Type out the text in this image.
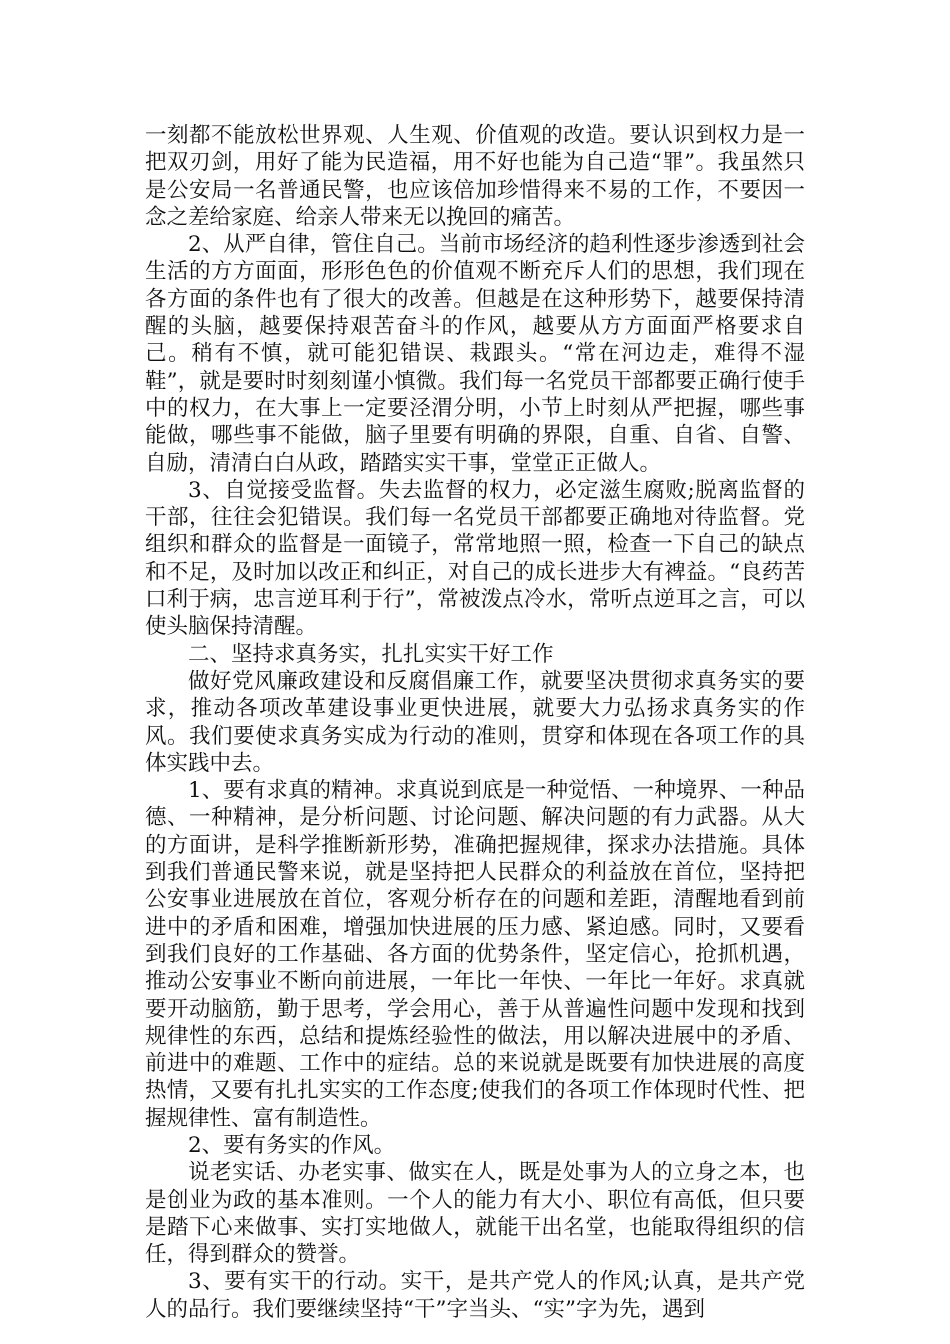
一刻都不能放松世界观、人生观、价值观的改造。要认识到权力是一把双刃剑，用好了能为民造福，用不好也能为自己造“罪”。我虽然只是公安局一名普通民警，也应该倍加珍惜得来不易的工作，不要因一念之差给家庭、给亲人带来无以挽回的痛苦。

2、从严自律，管住自己。当前市场经济的趋利性逐步渗透到社会生活的方方面面，形形色色的价值观不断充斥人们的思想，我们现在各方面的条件也有了很大的改善。但越是在这种形势下，越要保持清醒的头脑，越要保持艰苦奋斗的作风，越要从方方面面严格要求自己。稍有不慎，就可能犯错误、栽跟头。“常在河边走，难得不湿鞋”，就是要时时刻刻谨小慎微。我们每一名党员干部都要正确行使手中的权力，在大事上一定要泾渭分明，小节上时刻从严把握，哪些事能做，哪些事不能做，脑子里要有明确的界限，自重、自省、自警、自励，清清白白从政，踏踏实实干事，堂堂正正做人。

3、自觉接受监督。失去监督的权力，必定滋生腐败;脱离监督的干部，往往会犯错误。我们每一名党员干部都要正确地对待监督。党组织和群众的监督是一面镜子，常常地照一照，检查一下自己的缺点和不足，及时加以改正和纠正，对自己的成长进步大有裨益。“良药苦口利于病，忠言逆耳利于行”，常被泼点冷水，常听点逆耳之言，可以使头脑保持清醒。

二、坚持求真务实，扎扎实实干好工作

做好党风廉政建设和反腐倡廉工作，就要坚决贯彻求真务实的要求，推动各项改革建设事业更快进展，就要大力弘扬求真务实的作风。我们要使求真务实成为行动的准则，贯穿和体现在各项工作的具体实践中去。

1、要有求真的精神。求真说到底是一种觉悟、一种境界、一种品德、一种精神，是分析问题、讨论问题、解决问题的有力武器。从大的方面讲，是科学推断新形势，准确把握规律，探求办法措施。具体到我们普通民警来说，就是坚持把人民群众的利益放在首位，坚持把公安事业进展放在首位，客观分析存在的问题和差距，清醒地看到前进中的矛盾和困难，增强加快进展的压力感、紧迫感。同时，又要看到我们良好的工作基础、各方面的优势条件，坚定信心，抢抓机遇，推动公安事业不断向前进展，一年比一年快、一年比一年好。求真就要开动脑筋，勤于思考，学会用心，善于从普遍性问题中发现和找到规律性的东西，总结和提炼经验性的做法，用以解决进展中的矛盾、前进中的难题、工作中的症结。总的来说就是既要有加快进展的高度热情，又要有扎扎实实的工作态度;使我们的各项工作体现时代性、把握规律性、富有制造性。

2、要有务实的作风。

说老实话、办老实事、做实在人，既是处事为人的立身之本，也是创业为政的基本准则。一个人的能力有大小、职位有高低，但只要是踏下心来做事、实打实地做人，就能干出名堂，也能取得组织的信任，得到群众的赞誉。

3、要有实干的行动。实干，是共产党人的作风;认真，是共产党人的品行。我们要继续坚持“干”字当头、“实”字为先，遇到
